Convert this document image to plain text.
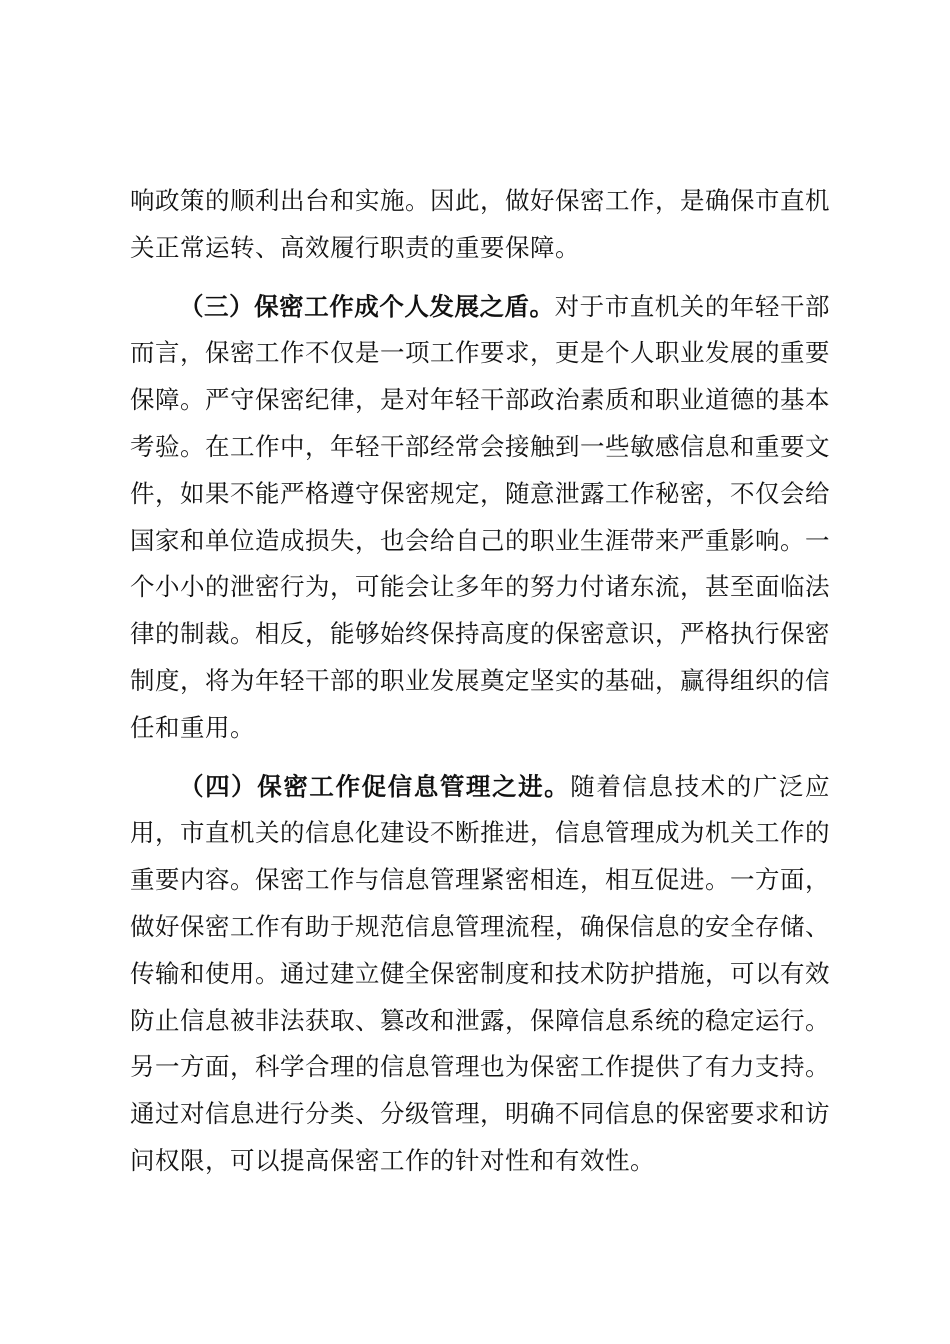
响政策的顺利出台和实施。因此，做好保密工作，是确保市直机关正常运转、高效履行职责的重要保障。

（三）保密工作成个人发展之盾。对于市直机关的年轻干部而言，保密工作不仅是一项工作要求，更是个人职业发展的重要保障。严守保密纪律，是对年轻干部政治素质和职业道德的基本考验。在工作中，年轻干部经常会接触到一些敏感信息和重要文件，如果不能严格遵守保密规定，随意泄露工作秘密，不仅会给国家和单位造成损失，也会给自己的职业生涯带来严重影响。一个小小的泄密行为，可能会让多年的努力付诸东流，甚至面临法律的制裁。相反，能够始终保持高度的保密意识，严格执行保密制度，将为年轻干部的职业发展奠定坚实的基础，赢得组织的信任和重用。

（四）保密工作促信息管理之进。随着信息技术的广泛应用，市直机关的信息化建设不断推进，信息管理成为机关工作的重要内容。保密工作与信息管理紧密相连，相互促进。一方面，做好保密工作有助于规范信息管理流程，确保信息的安全存储、传输和使用。通过建立健全保密制度和技术防护措施，可以有效防止信息被非法获取、篡改和泄露，保障信息系统的稳定运行。另一方面，科学合理的信息管理也为保密工作提供了有力支持。通过对信息进行分类、分级管理，明确不同信息的保密要求和访问权限，可以提高保密工作的针对性和有效性。
